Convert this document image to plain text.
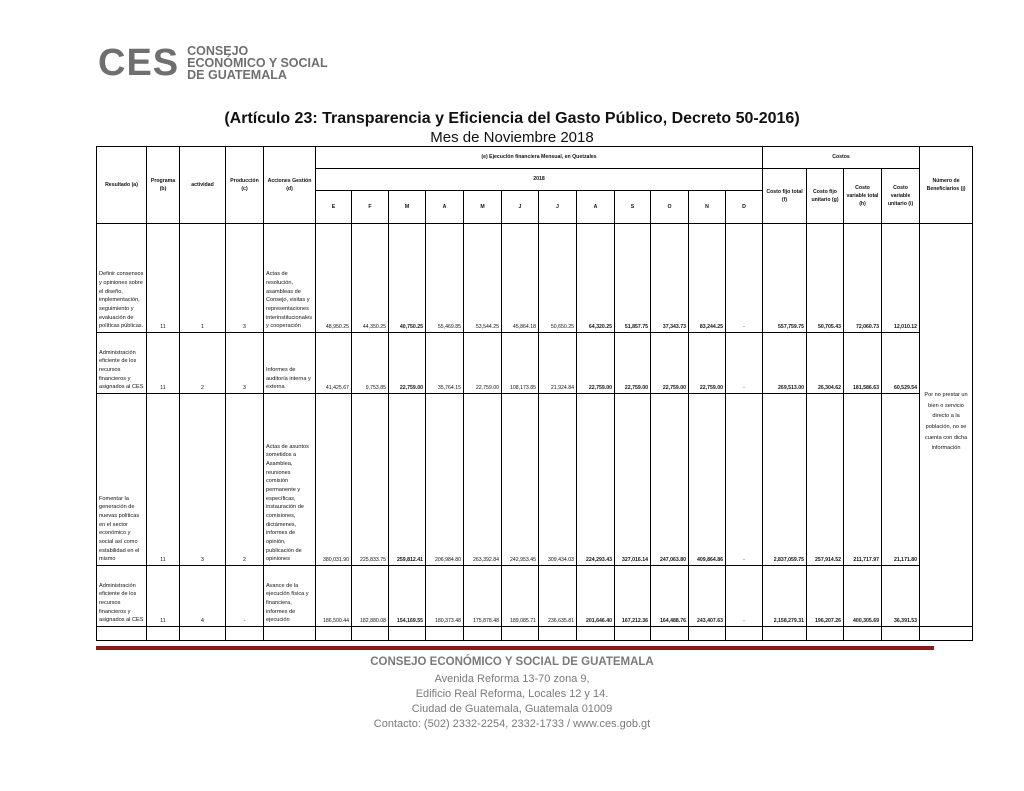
CES CONSEJO
ECONÓMICO Y SOCIAL
DE GUATEMALA
(Artículo 23: Transparencia y Eficiencia del Gasto Público, Decreto 50-2016)
Mes de Noviembre 2018
Resultado (a)	Programa (b)	actividad	Producción (c)	Acciones Gestión (d)	(e) Ejecución financiera Mensual, en Quetzales												Costos				Número de Beneficiarios (j)
					2018												Costo fijo total (f)	Costo fijo unitario (g)	Costo variable total (h)	Costo variable unitario (i)	
					E	F	M	A	M	J	J	A	S	O	N	D					
Definir consensos y opiniones sobre el diseño, implementación, seguimiento y evaluación de políticas públicas.	11	1	3	Actas de resolución, asambleas de Consejo, visitas y representaciones interinstitucionales y cooperación	48,950.25	44,350.25	40,750.25	55,469.85	53,544.25	45,864.18	50,650.25	64,320.25	51,857.75	37,343.73	83,244.25	-	557,759.75	50,705.43	72,060.73	12,010.12	Por no prestar un bien o servicio directo a la población, no se cuenta con dicha información

Administración eficiente de los recursos financieros y asignados al CES	11	2	3	Informes de auditoría interna y externa	41,425.67	9,753.85	22,759.00	35,764.15	22,759.00	108,173.85	21,924.84	22,759.00	22,759.00	22,759.00	22,759.00	-	269,513.00	26,304.62	181,586.63	60,529.54	
Fomentar la generación de nuevas políticas en el sector económico y social así como estabilidad en el mismo	11	3	2	Actas de asuntos sometidos a Asamblea, reuniones comisión permanente y específicas, instauración de comisiones, dictámenes, informes de opinión, publicación de opiniones	380,031.90	225,833.75	259,812.41	206,984.80	263,392.84	242,953.45	309,434.03	224,293.43	327,016.14	247,063.80	409,864.86	-	2,837,059.75	257,914.52	211,717.97	21,171.80	
Administración eficiente de los recursos financieros y asignados al CES	11	4	-	Avance de la ejecución física y financiera, informes de ejecución	186,500.44	182,880.08	154,169.55	180,373.48	175,878.48	189,085.71	236,635.81	201,646.40	167,212.36	164,488.76	243,407.63	-	2,158,279.31	196,207.26	400,305.69	36,391.53	

CONSEJO ECONÓMICO Y SOCIAL DE GUATEMALA
Avenida Reforma 13-70 zona 9,
Edificio Real Reforma, Locales 12 y 14.
Ciudad de Guatemala, Guatemala 01009
Contacto: (502) 2332-2254, 2332-1733 / www.ces.gob.gt
